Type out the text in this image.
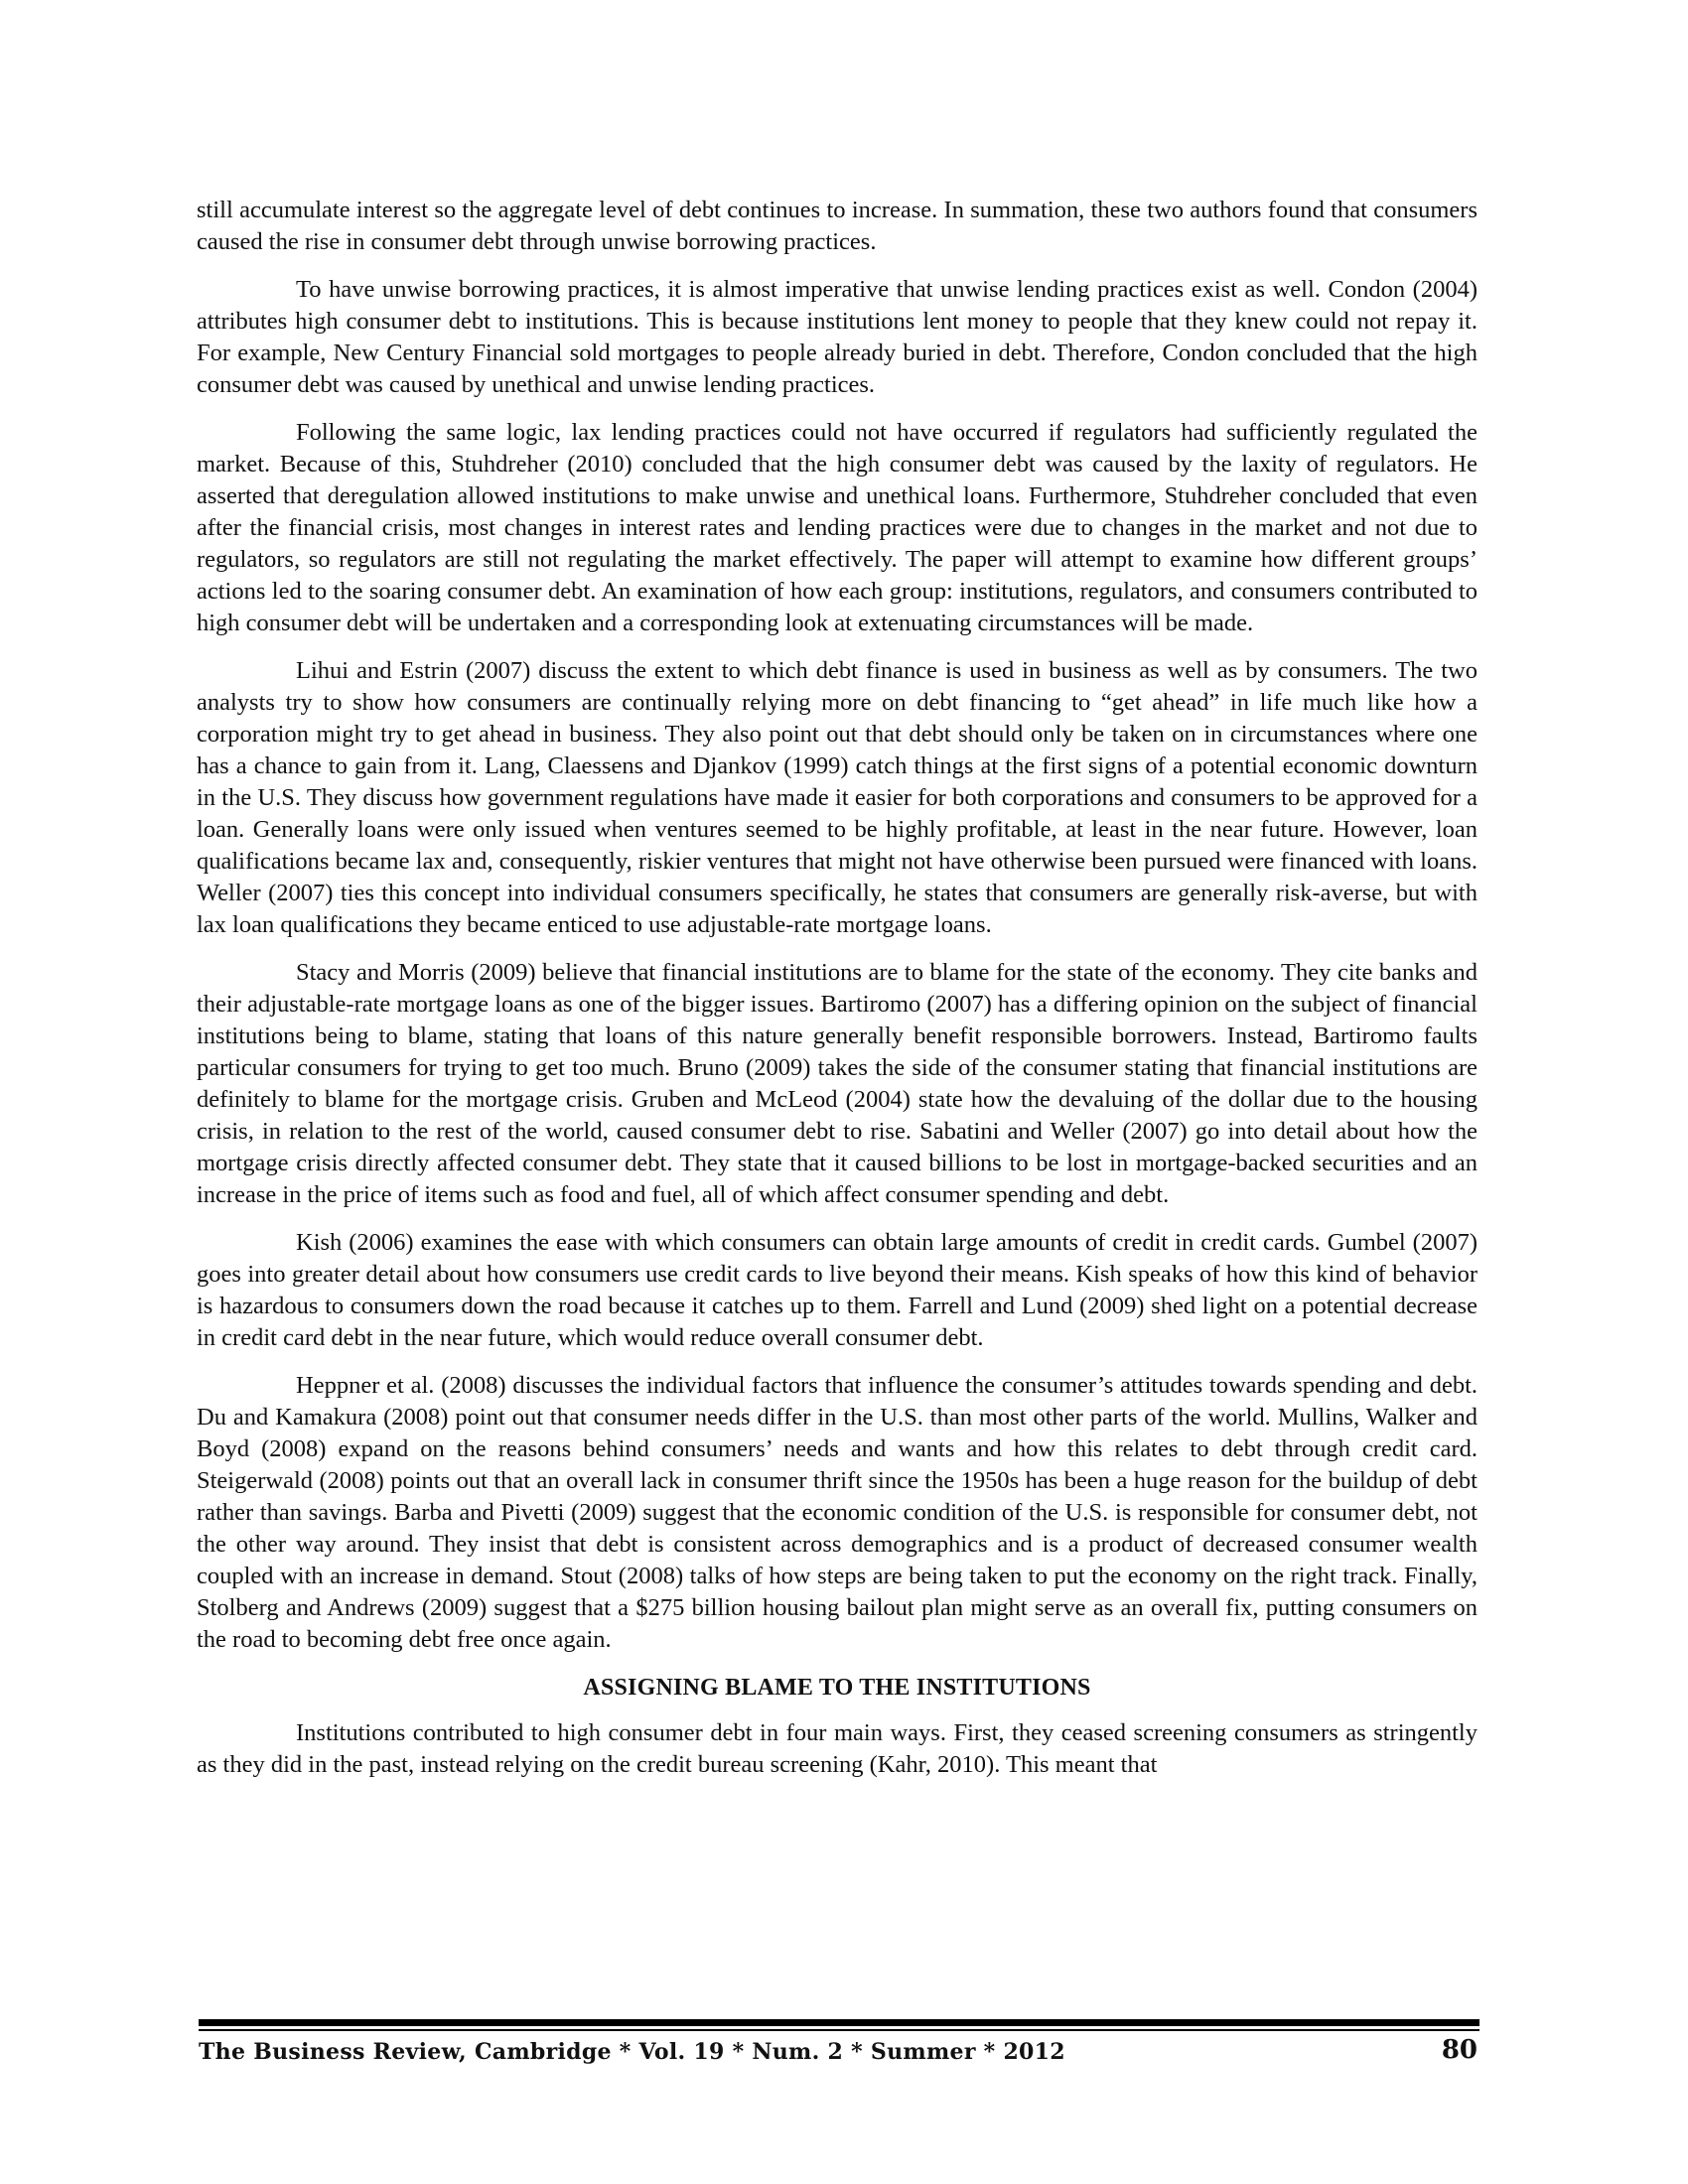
still accumulate interest so the aggregate level of debt continues to increase. In summation, these two authors found that consumers caused the rise in consumer debt through unwise borrowing practices.

To have unwise borrowing practices, it is almost imperative that unwise lending practices exist as well. Condon (2004) attributes high consumer debt to institutions. This is because institutions lent money to people that they knew could not repay it. For example, New Century Financial sold mortgages to people already buried in debt. Therefore, Condon concluded that the high consumer debt was caused by unethical and unwise lending practices.

Following the same logic, lax lending practices could not have occurred if regulators had sufficiently regulated the market. Because of this, Stuhdreher (2010) concluded that the high consumer debt was caused by the laxity of regulators. He asserted that deregulation allowed institutions to make unwise and unethical loans. Furthermore, Stuhdreher concluded that even after the financial crisis, most changes in interest rates and lending practices were due to changes in the market and not due to regulators, so regulators are still not regulating the market effectively. The paper will attempt to examine how different groups’ actions led to the soaring consumer debt. An examination of how each group: institutions, regulators, and consumers contributed to high consumer debt will be undertaken and a corresponding look at extenuating circumstances will be made.

Lihui and Estrin (2007) discuss the extent to which debt finance is used in business as well as by consumers. The two analysts try to show how consumers are continually relying more on debt financing to “get ahead” in life much like how a corporation might try to get ahead in business. They also point out that debt should only be taken on in circumstances where one has a chance to gain from it. Lang, Claessens and Djankov (1999) catch things at the first signs of a potential economic downturn in the U.S. They discuss how government regulations have made it easier for both corporations and consumers to be approved for a loan. Generally loans were only issued when ventures seemed to be highly profitable, at least in the near future. However, loan qualifications became lax and, consequently, riskier ventures that might not have otherwise been pursued were financed with loans. Weller (2007) ties this concept into individual consumers specifically, he states that consumers are generally risk-averse, but with lax loan qualifications they became enticed to use adjustable-rate mortgage loans.

Stacy and Morris (2009) believe that financial institutions are to blame for the state of the economy. They cite banks and their adjustable-rate mortgage loans as one of the bigger issues. Bartiromo (2007) has a differing opinion on the subject of financial institutions being to blame, stating that loans of this nature generally benefit responsible borrowers. Instead, Bartiromo faults particular consumers for trying to get too much. Bruno (2009) takes the side of the consumer stating that financial institutions are definitely to blame for the mortgage crisis. Gruben and McLeod (2004) state how the devaluing of the dollar due to the housing crisis, in relation to the rest of the world, caused consumer debt to rise. Sabatini and Weller (2007) go into detail about how the mortgage crisis directly affected consumer debt. They state that it caused billions to be lost in mortgage-backed securities and an increase in the price of items such as food and fuel, all of which affect consumer spending and debt.

Kish (2006) examines the ease with which consumers can obtain large amounts of credit in credit cards. Gumbel (2007) goes into greater detail about how consumers use credit cards to live beyond their means. Kish speaks of how this kind of behavior is hazardous to consumers down the road because it catches up to them. Farrell and Lund (2009) shed light on a potential decrease in credit card debt in the near future, which would reduce overall consumer debt.

Heppner et al. (2008) discusses the individual factors that influence the consumer’s attitudes towards spending and debt. Du and Kamakura (2008) point out that consumer needs differ in the U.S. than most other parts of the world. Mullins, Walker and Boyd (2008) expand on the reasons behind consumers’ needs and wants and how this relates to debt through credit card. Steigerwald (2008) points out that an overall lack in consumer thrift since the 1950s has been a huge reason for the buildup of debt rather than savings. Barba and Pivetti (2009) suggest that the economic condition of the U.S. is responsible for consumer debt, not the other way around. They insist that debt is consistent across demographics and is a product of decreased consumer wealth coupled with an increase in demand. Stout (2008) talks of how steps are being taken to put the economy on the right track. Finally, Stolberg and Andrews (2009) suggest that a $275 billion housing bailout plan might serve as an overall fix, putting consumers on the road to becoming debt free once again.

ASSIGNING BLAME TO THE INSTITUTIONS

Institutions contributed to high consumer debt in four main ways. First, they ceased screening consumers as stringently as they did in the past, instead relying on the credit bureau screening (Kahr, 2010). This meant that

The Business Review, Cambridge * Vol. 19 * Num. 2 * Summer * 2012	80
